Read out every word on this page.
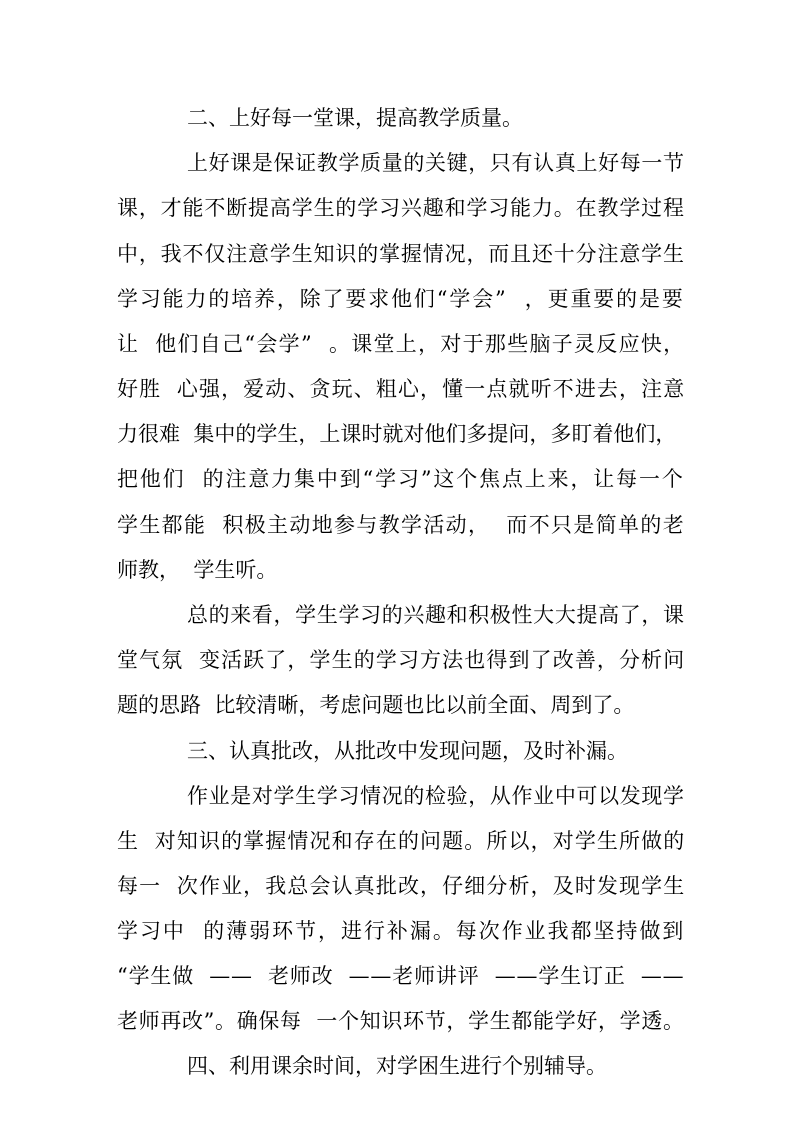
二、上好每一堂课，提高教学质量。
上好课是保证教学质量的关键，只有认真上好每一节
课，才能不断提高学生的学习兴趣和学习能力。在教学过程
中，我不仅注意学生知识的掌握情况，而且还十分注意学生
学习能力的培养，除了要求他们“学会”  ，更重要的是要
让  他们自己“会学”  。课堂上，对于那些脑子灵反应快，
好胜  心强，爱动、贪玩、粗心，懂一点就听不进去，注意
力很难  集中的学生，上课时就对他们多提问，多盯着他们，
把他们  的注意力集中到“学习”这个焦点上来，让每一个
学生都能  积极主动地参与教学活动，  而不只是简单的老
师教，  学生听。
总的来看，学生学习的兴趣和积极性大大提高了，课
堂气氛  变活跃了，学生的学习方法也得到了改善，分析问
题的思路  比较清晰，考虑问题也比以前全面、周到了。
三、认真批改，从批改中发现问题，及时补漏。
作业是对学生学习情况的检验，从作业中可以发现学
生  对知识的掌握情况和存在的问题。所以，对学生所做的
每一  次作业，我总会认真批改，仔细分析，及时发现学生
学习中  的薄弱环节，进行补漏。每次作业我都坚持做到
“学生做  ——  老师改  ——老师讲评  ——学生订正  ——
老师再改”。确保每  一个知识环节，学生都能学好，学透。
四、利用课余时间，对学困生进行个别辅导。
